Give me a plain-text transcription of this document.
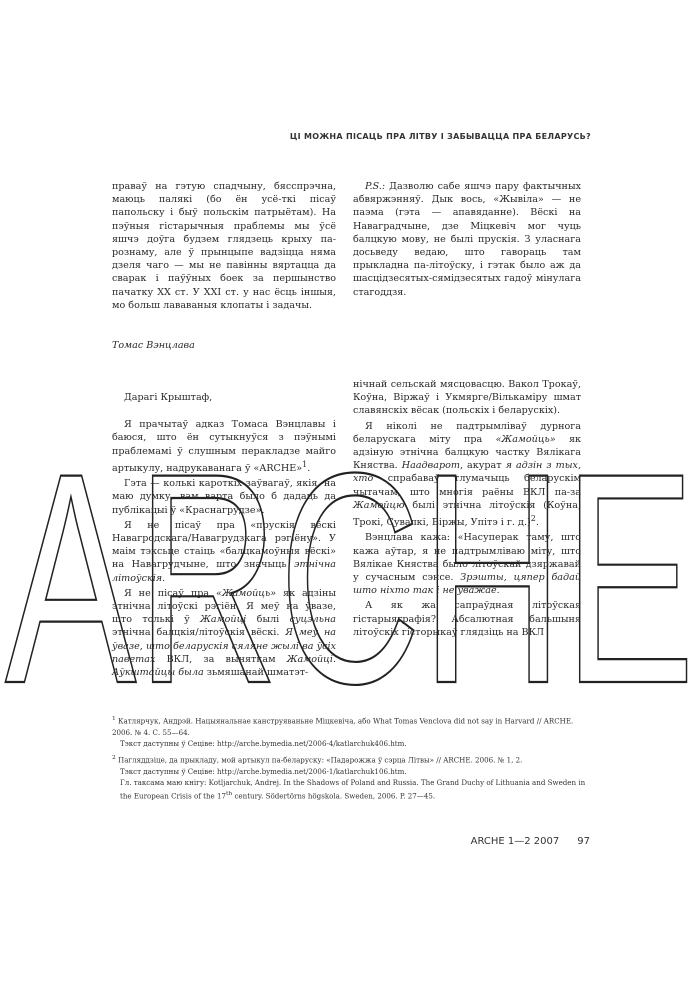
ARCHE
ЦІ МОЖНА ПІСАЦЬ ПРА ЛІТВУ І ЗАБЫВАЦЦА ПРА БЕЛАРУСЬ?

праваў на гэтую спадчыну, бясспрэчна, маюць палякі (бо ён усё-ткі пісаў папольску і быў польскім патрыётам). На пэўныя гістарычныя праблемы мы ўсё яшчэ доўга будзем глядзець крыху па-рознаму, але ў прынцыпе вадзіцца няма дзеля чаго — мы не павінны вяртацца да сварак і паўўных боек за першынство пачатку XX ст. У XXI ст. у нас ёсць іншыя, мо больш лававаныя клопаты і задачы.

Томас Вэнцлава

P.S.: Дазволю сабе яшчэ пару фактычных абвяржэнняў. Дык вось, «Жывіла» — не паэма (гэта — апавяданне). Вёскі на Наваградчыне, дзе Міцкевіч мог чуць балцкую мову, не былі прускія. З уласнага досьведу ведаю, што гавораць там прыкладна па-літоўску, і гэтак было аж да шасцідзесятых-сямідзесятых гадоў мінулага стагоддзя.

Дарагі Крыштаф,

Я прачытаў адказ Томаса Вэнцлавы і баюся, што ён сутыкнуўся з пэўнымі праблемамі ў слушным перакладзе майго артыкулу, надрукаванага ў «ARCHE»$^1$.

Гэта — колькі кароткіх заўвагаў, якія, на маю думку, вам варта было б дадаць да публікацыі ў «Краснагрудзе».

Я не пісаў пра «прускія вёскі Навагродскага/Навагрудзкага рэгіёну». У маім тэксьце стаіць «балцкамоўныя вёскі» на Навагрудчыне, што значыць этнічна літоўскія.

Я не пісаў пра «Жамойць» як адзіны этнічна літоўскі рэгіён. Я меў на ўвазе, што толькі ў Жамойці былі суцэльна этнічна балцкія/літоўскія вёскі. Я меў на ўвазе, што беларускія сяляне жылі ва ўсіх паветах ВКЛ, за выняткам Жамойці. Аўкштайцы была зьмяшанай шматэт-

нічнай сельскай мясцовасцю. Вакол Трокаў, Коўна, Віржаў і Укмярге/Вількаміру шмат славянскіх вёсак (польскіх і беларускіх).

Я ніколі не падтрымліваў дурнога беларускага міту пра «Жамойць» як адзіную этнічна балцкую частку Вялікага Княства. Наадварот, акурат я адзін з тых, хто спрабаваў тлумачыць беларускім чытачам, што многія раёны ВКЛ па-за Жамойцю былі этнічна літоўскія (Коўна, Трокі, Сувалкі, Біржы, Упітэ і г. д.)$^2$.

Вэнцлава кажа: «Насуперак таму, што кажа аўтар, я не падтрымліваю міту, што Вялікае Княства было літоўскай дзяржавай у сучасным сэнсе. Зрэшты, цяпер бадай што ніхто так і не ўважае.

А як жа сапраўдная літоўская гістарыяграфія? Абсалютная бальшыня літоўскіх гісторыкаў глядзіць на ВКЛ

$^1$ Катлярчук, Андрэй. Нацыянальнае канструяваньне Міцкевіча, або What Tomas Venclova did not say in Harvard // ARCHE. 2006. № 4. С. 55—64.

Тэкст даступны ў Сеціве: http://arche.bymedia.net/2006-4/katlarchuk406.htm.

$^2$ Пагляддзіце, да прыкладу, мой артыкул па-беларуску: «Падарожжа ў сэрца Літвы» // ARCHE. 2006. № 1, 2.

Тэкст даступны ў Сеціве: http://arche.bymedia.net/2006-1/katlarchuk106.htm.

Гл. таксама маю кнігу: Kotljarchuk, Andrej. In the Shadows of Poland and Russia. The Grand Duchy of Lithuania and Sweden in the European Crisis of the 17th century. Södertörns högskola. Sweden, 2006. P. 27—45.

ARCHE 1—2 2007 97
